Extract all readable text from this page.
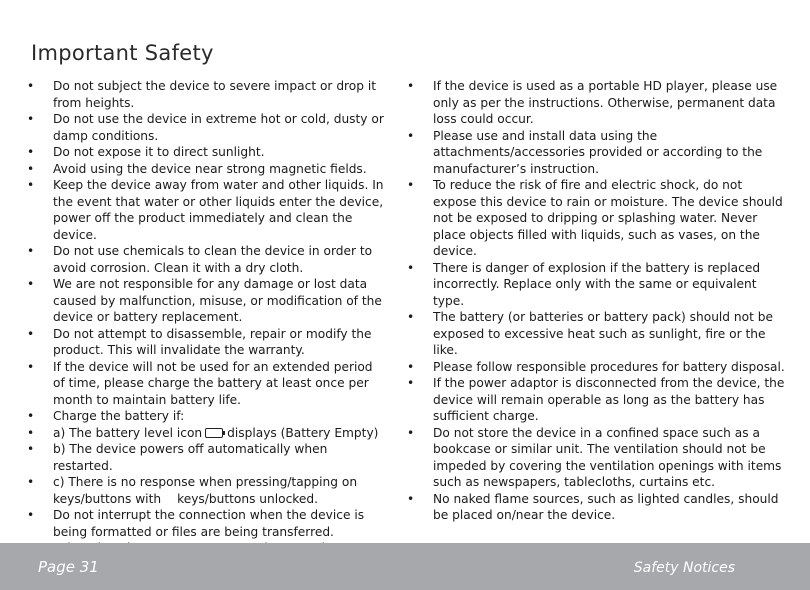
Important Safety
• Do not subject the device to severe impact or drop it from heights.
• Do not use the device in extreme hot or cold, dusty or damp conditions.
• Do not expose it to direct sunlight.
• Avoid using the device near strong magnetic fields.
• Keep the device away from water and other liquids. In the event that water or other liquids enter the device, power off the product immediately and clean the device.
• Do not use chemicals to clean the device in order to avoid corrosion. Clean it with a dry cloth.
• We are not responsible for any damage or lost data caused by malfunction, misuse, or modification of the device or battery replacement.
• Do not attempt to disassemble, repair or modify the product. This will invalidate the warranty.
• If the device will not be used for an extended period of time, please charge the battery at least once per month to maintain battery life.
• Charge the battery if:
• a) The battery level icon displays (Battery Empty)
• b) The device powers off automatically when restarted.
• c) There is no response when pressing/tapping on keys/buttons with keys/buttons unlocked.
• Do not interrupt the connection when the device is being formatted or files are being transferred.
• If the device is used as a portable HD player, please use only as per the instructions. Otherwise, permanent data loss could occur.
• Please use and install data using the attachments/accessories provided or according to the manufacturer’s instruction.
• To reduce the risk of fire and electric shock, do not expose this device to rain or moisture. The device should not be exposed to dripping or splashing water. Never place objects filled with liquids, such as vases, on the device.
• There is danger of explosion if the battery is replaced incorrectly. Replace only with the same or equivalent type.
• The battery (or batteries or battery pack) should not be exposed to excessive heat such as sunlight, fire or the like.
• Please follow responsible procedures for battery disposal.
• If the power adaptor is disconnected from the device, the device will remain operable as long as the battery has sufficient charge.
• Do not store the device in a confined space such as a bookcase or similar unit. The ventilation should not be impeded by covering the ventilation openings with items such as newspapers, tablecloths, curtains etc.
• No naked flame sources, such as lighted candles, should be placed on/near the device.
Page 31	Safety Notices
